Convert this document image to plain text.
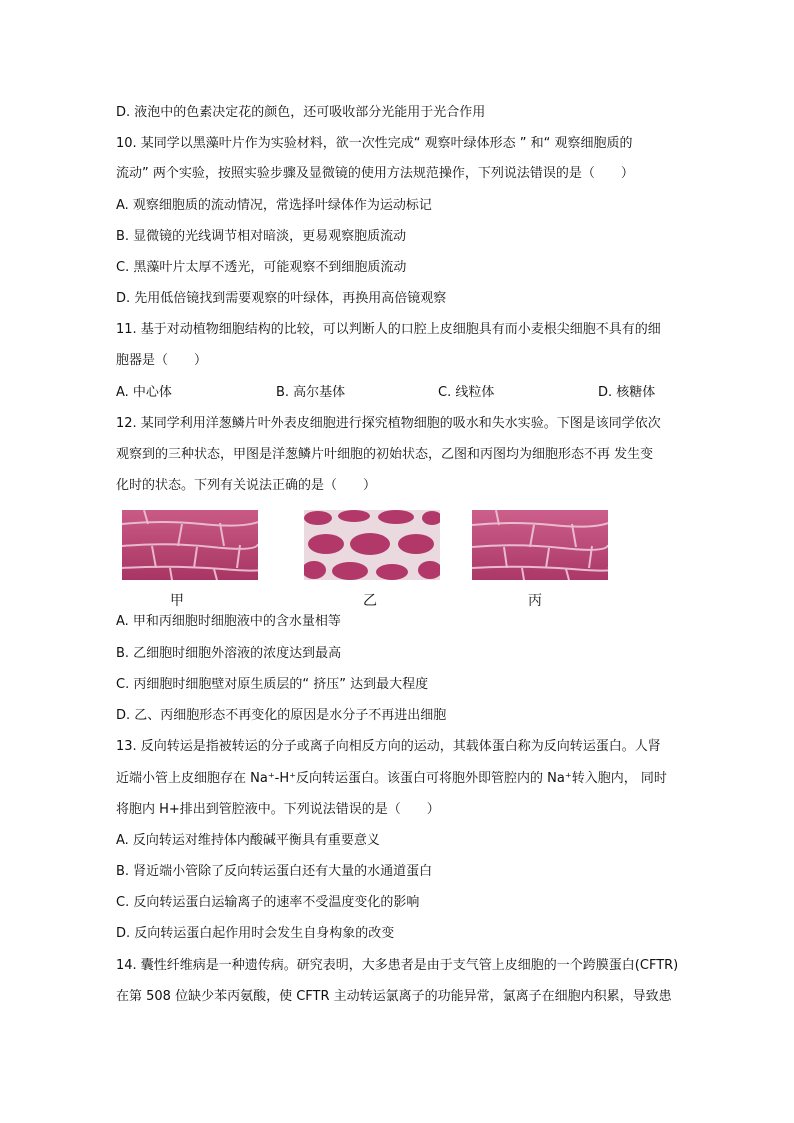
D. 液泡中的色素决定花的颜色，还可吸收部分光能用于光合作用
10. 某同学以黑藻叶片作为实验材料，欲一次性完成“ 观察叶绿体形态 ” 和“ 观察细胞质的
流动” 两个实验，按照实验步骤及显微镜的使用方法规范操作，下列说法错误的是（　　）
A. 观察细胞质的流动情况，常选择叶绿体作为运动标记
B. 显微镜的光线调节相对暗淡，更易观察胞质流动
C. 黑藻叶片太厚不透光，可能观察不到细胞质流动
D. 先用低倍镜找到需要观察的叶绿体，再换用高倍镜观察
11. 基于对动植物细胞结构的比较，可以判断人的口腔上皮细胞具有而小麦根尖细胞不具有的细
胞器是（　　）
A. 中心体	B. 高尔基体	C. 线粒体	D. 核糖体
12. 某同学利用洋葱鳞片叶外表皮细胞进行探究植物细胞的吸水和失水实验。下图是该同学依次
观察到的三种状态，甲图是洋葱鳞片叶细胞的初始状态，乙图和丙图均为细胞形态不再 发生变
化时的状态。下列有关说法正确的是（　　）
甲	乙	丙
A. 甲和丙细胞时细胞液中的含水量相等
B. 乙细胞时细胞外溶液的浓度达到最高
C. 丙细胞时细胞壁对原生质层的“ 挤压” 达到最大程度
D. 乙、丙细胞形态不再变化的原因是水分子不再进出细胞
13. 反向转运是指被转运的分子或离子向相反方向的运动，其载体蛋白称为反向转运蛋白。人肾
近端小管上皮细胞存在 Na⁺-H⁺反向转运蛋白。该蛋白可将胞外即管腔内的 Na⁺转入胞内， 同时
将胞内 H+排出到管腔液中。下列说法错误的是（　　）
A. 反向转运对维持体内酸碱平衡具有重要意义
B. 肾近端小管除了反向转运蛋白还有大量的水通道蛋白
C. 反向转运蛋白运输离子的速率不受温度变化的影响
D. 反向转运蛋白起作用时会发生自身构象的改变
14. 囊性纤维病是一种遗传病。研究表明，大多患者是由于支气管上皮细胞的一个跨膜蛋白(CFTR)
在第 508 位缺少苯丙氨酸，使 CFTR 主动转运氯离子的功能异常，氯离子在细胞内积累，导致患
